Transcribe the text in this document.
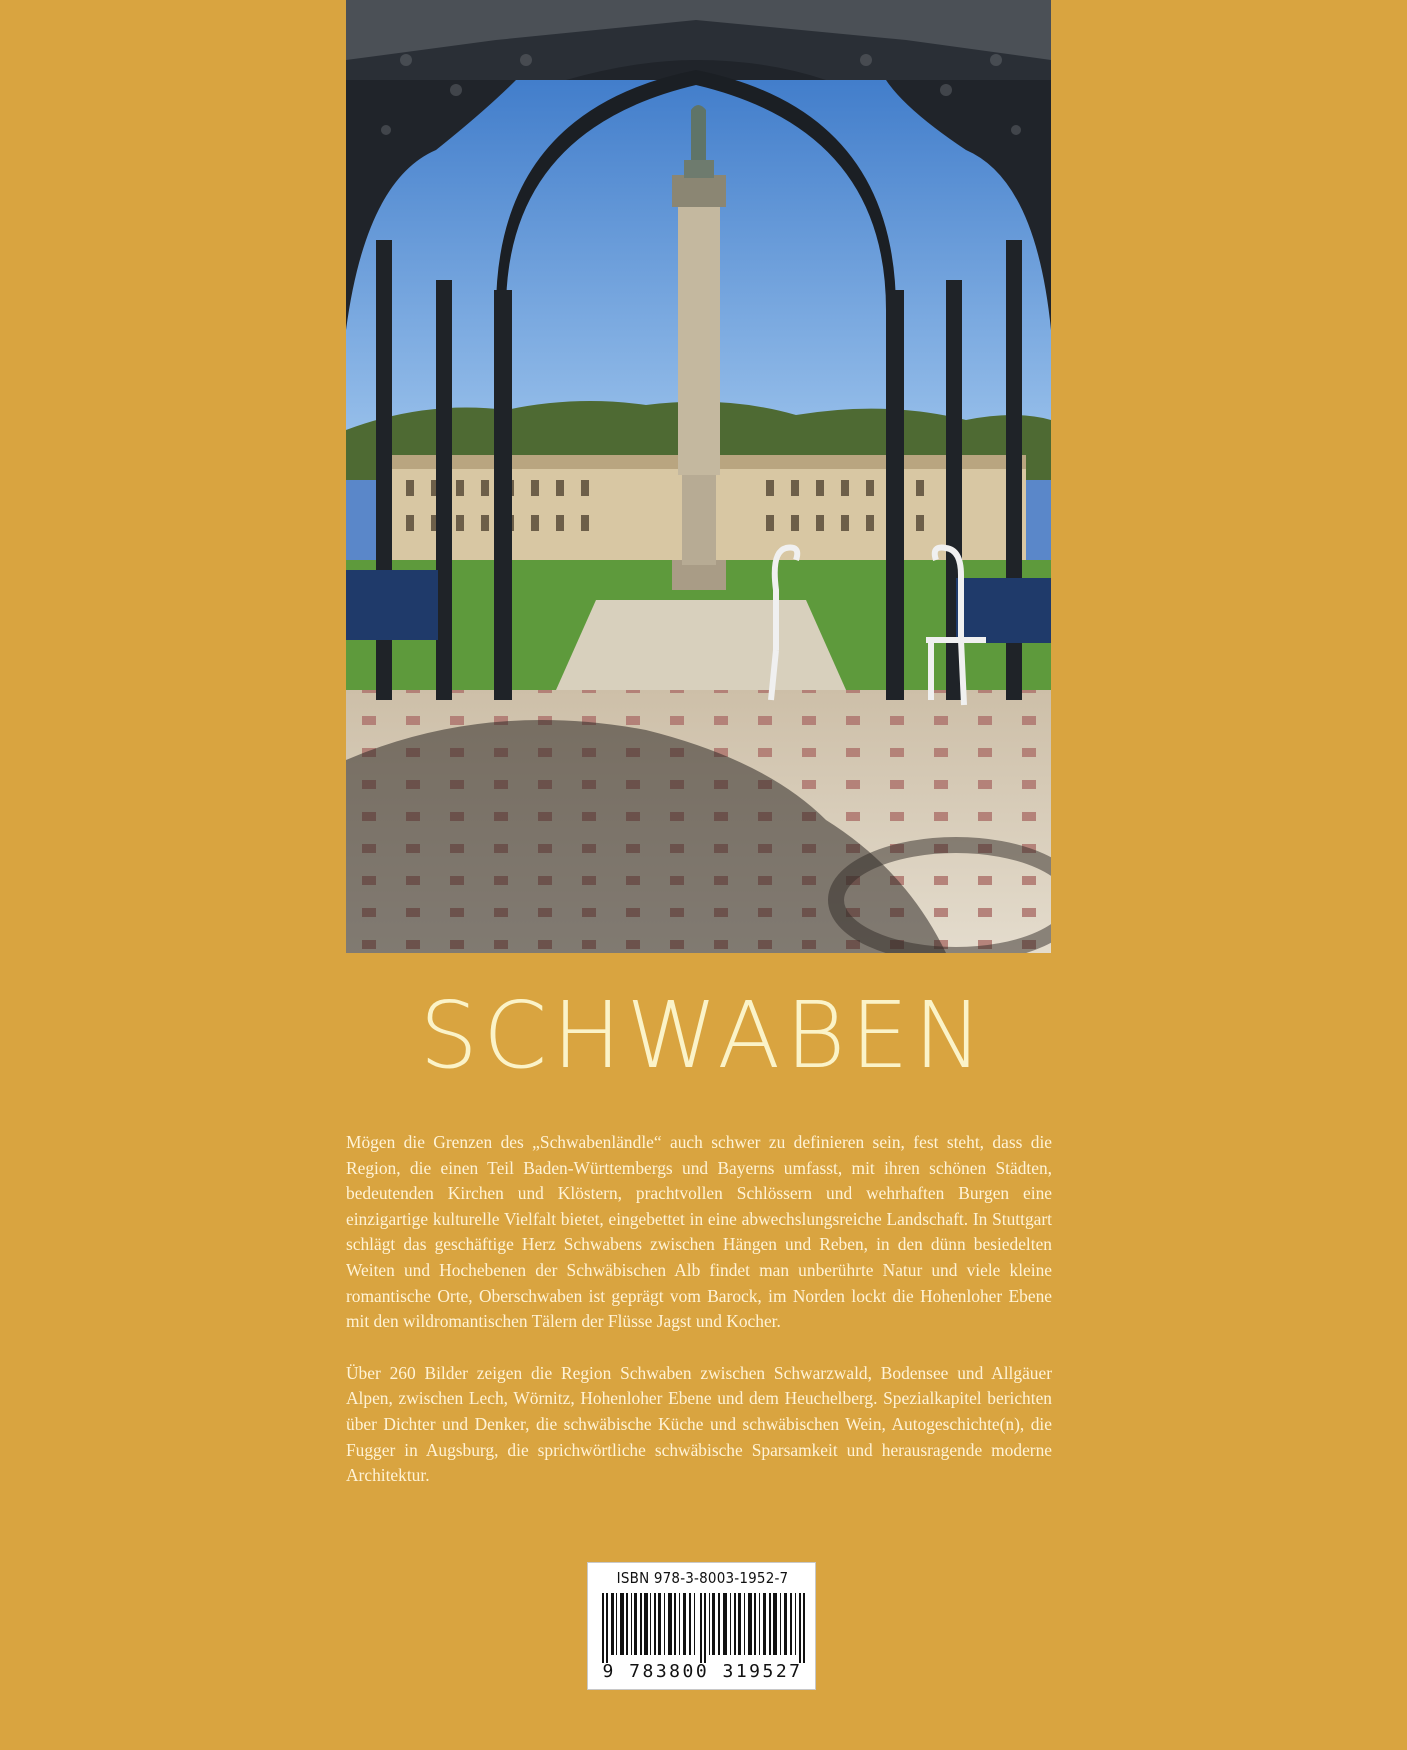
SCHWABEN

Mögen die Grenzen des „Schwabenländle“ auch schwer zu definieren sein, fest steht, dass die Region, die einen Teil Baden-Württembergs und Bayerns umfasst, mit ihren schönen Städten, bedeutenden Kirchen und Klöstern, prachtvollen Schlössern und wehrhaften Burgen eine einzigartige kulturelle Vielfalt bietet, eingebettet in eine abwechslungsreiche Landschaft. In Stuttgart schlägt das geschäftige Herz Schwabens zwischen Hängen und Reben, in den dünn besiedelten Weiten und Hochebenen der Schwäbischen Alb findet man unberührte Natur und viele kleine romantische Orte, Oberschwaben ist geprägt vom Barock, im Norden lockt die Hohenloher Ebene mit den wildromantischen Tälern der Flüsse Jagst und Kocher.

Über 260 Bilder zeigen die Region Schwaben zwischen Schwarzwald, Bodensee und Allgäuer Alpen, zwischen Lech, Wörnitz, Hohenloher Ebene und dem Heuchelberg. Spezialkapitel berichten über Dichter und Denker, die schwäbische Küche und schwäbischen Wein, Autogeschichte(n), die Fugger in Augsburg, die sprichwörtliche schwäbische Sparsamkeit und herausragende moderne Architektur.

ISBN 978-3-8003-1952-7
9 783800 319527
